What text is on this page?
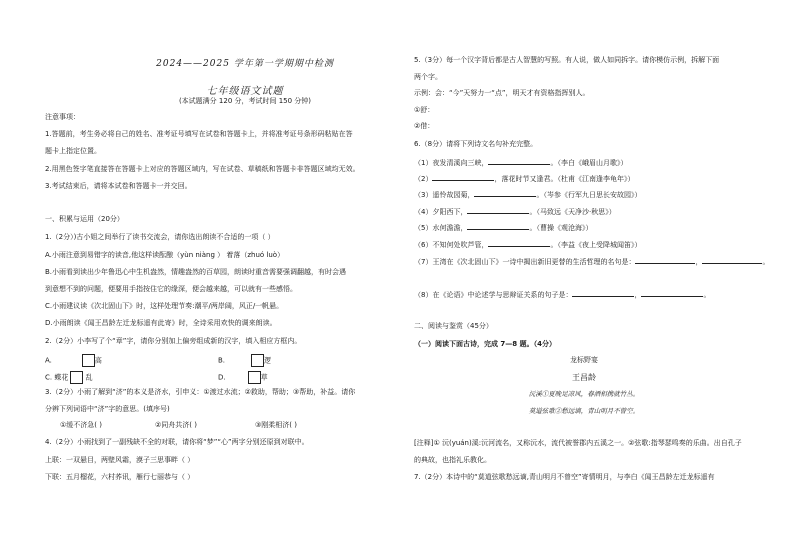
2024——2025 学年第一学期期中检测
七年级语文试题
(本试题满分 120 分，考试时间 150 分钟)
注意事项：
1.答题前，考生务必将自己的姓名、准考证号填写在试卷和答题卡上，并将准考证号条形码粘贴在答
题卡上指定位置。
2.用黑色签字笔直接答在答题卡上对应的答题区域内，写在试卷、草稿纸和答题卡非答题区域均无效。
3.考试结束后，请将本试卷和答题卡一并交回。
一、积累与运用（20分）
1.（2分）)古小姐之间举行了读书交流会，请你选出朗读不合适的一项（ ）
A.小雨注意到易错字的读音,他这样读酝酿（yùn niàng ） 着落（zhuó luò）
B.小雨看到读出少年鲁迅心中生机盎然，情趣盎然的百草园，朗读时重音需要强调翻越，有时会遇
到意想不到的问题，便要用手指按住它的缘深，便会越来越，可以就有一些感悟。
C.小雨建议读《次北固山下》时，这样处理节奏:潮平/两岸阔，风正/一帆悬。
D.小雨朗读《闻王昌龄左迁龙标遥有此寄》时，全诗采用欢快的调来朗读。
2.（2分）小李写了个“章”字，请你分别加上偏旁组成新的汉字，填入相应方框内。
A.	高	B.	逻
C. 蝶花 乱	D.	草
3.（2分）小雨了解到“济”的本义是济水，引申义：①渡过水流；②救助，帮助；③帮助，补益。请你
分辨下列词语中“济”字的意思。(填序号)
①缓不济急( )	②同舟共济( )	③刚柔相济( )
4.（2分）小雨找到了一副残缺不全的对联，请你将“梦”“心”两字分别还原到对联中。
上联：一双悬目，两壁风霜，漠子三思事畔（ ）
下联：五月榴花，六村荞讯，雁行七丽恭与（ ）
5.（3分）每一个汉字背后都是古人智慧的写照。有人说，做人如同拆字。请你模仿示例，拆解下面
两个字。
示例：会：“今”天努力一“点”，明天才有资格指挥别人。
①舒：
②借：
6.（8分）请将下列诗文名句补充完整。
（1）夜发清溪向三峡，	。（李白《峨眉山月歌》）
（2）	，落花时节又逢君。（杜甫《江南逢李龟年》）
（3）遥怜故园菊，	。（岑参《行军九日思长安故园》）
（4）夕阳西下，	。（马致远《天净沙·秋思》）
（5）水何澹澹，	。（曹操《观沧海》）
（6）不知何处吹芦管，	。（李益《夜上受降城闻笛》）
（7）王湾在《次北固山下》一诗中揭出新旧更替的生活哲理的名句是：	，	。
（8）在《论语》中论述学与思辩证关系的句子是：	，	。
二、阅读与鉴赏（45分）
（一）阅读下面古诗，完成 7—8 题。（4分）
龙标野宴
王昌龄
沅溪①夏晚足凉风，春酒相携就竹丛。
莫道弦歌②愁远谪，青山明月不曾空。
[注释]① 沅(yuán)溪:沅河流名，又称沅水，流代被誉郡内五溪之一。②弦歌:指琴瑟鸣奏的乐曲。出自孔子
的典故，也指礼乐教化。
7.（2分）本诗中的“莫道弦歌愁远谪,青山明月不曾空”寄情明月，与李白《闻王昌龄左迁龙标遥有
